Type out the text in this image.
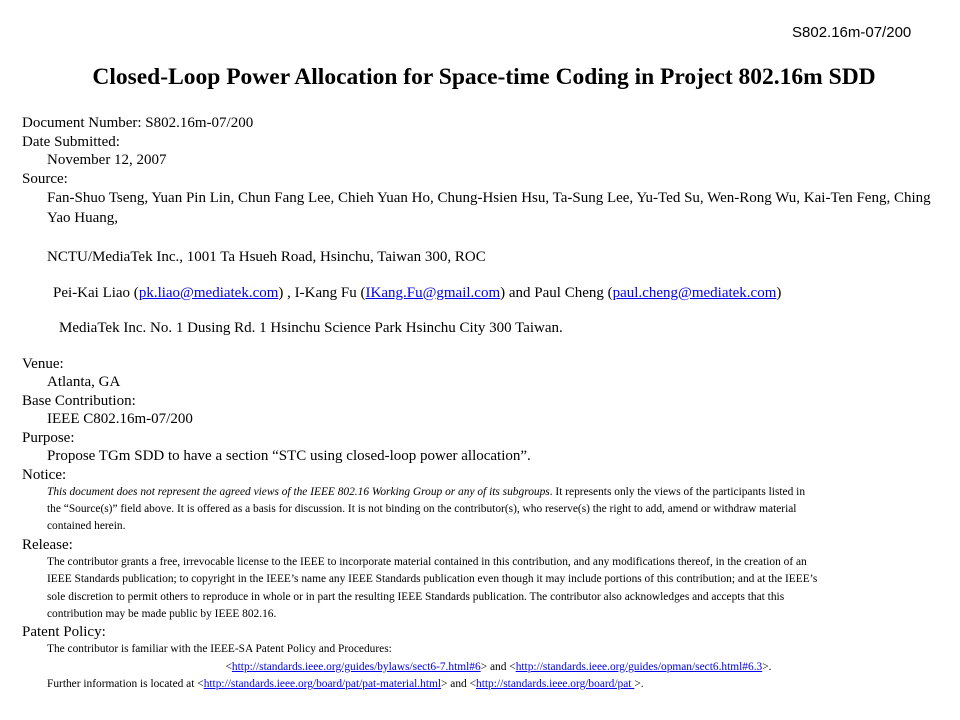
S802.16m-07/200
Closed-Loop Power Allocation for Space-time Coding in Project 802.16m SDD
Document Number: S802.16m-07/200
Date Submitted:
November 12, 2007
Source:
Fan-Shuo Tseng, Yuan Pin Lin, Chun Fang Lee, Chieh Yuan Ho, Chung-Hsien Hsu, Ta-Sung Lee, Yu-Ted Su, Wen-Rong Wu, Kai-Ten Feng, Ching Yao Huang,
NCTU/MediaTek Inc., 1001 Ta Hsueh Road, Hsinchu, Taiwan 300, ROC
Pei-Kai Liao (pk.liao@mediatek.com) , I-Kang Fu (IKang.Fu@gmail.com) and Paul Cheng (paul.cheng@mediatek.com)
MediaTek Inc. No. 1 Dusing Rd. 1 Hsinchu Science Park Hsinchu City 300 Taiwan.
Venue:
Atlanta, GA
Base Contribution:
IEEE C802.16m-07/200
Purpose:
Propose TGm SDD to have a section “STC using closed-loop power allocation”.
Notice:
This document does not represent the agreed views of the IEEE 802.16 Working Group or any of its subgroups. It represents only the views of the participants listed in
the “Source(s)” field above. It is offered as a basis for discussion. It is not binding on the contributor(s), who reserve(s) the right to add, amend or withdraw material
contained herein.
Release:
The contributor grants a free, irrevocable license to the IEEE to incorporate material contained in this contribution, and any modifications thereof, in the creation of an
IEEE Standards publication; to copyright in the IEEE’s name any IEEE Standards publication even though it may include portions of this contribution; and at the IEEE’s
sole discretion to permit others to reproduce in whole or in part the resulting IEEE Standards publication. The contributor also acknowledges and accepts that this
contribution may be made public by IEEE 802.16.
Patent Policy:
The contributor is familiar with the IEEE-SA Patent Policy and Procedures:
<http://standards.ieee.org/guides/bylaws/sect6-7.html#6> and <http://standards.ieee.org/guides/opman/sect6.html#6.3>.
Further information is located at <http://standards.ieee.org/board/pat/pat-material.html> and <http://standards.ieee.org/board/pat >.
